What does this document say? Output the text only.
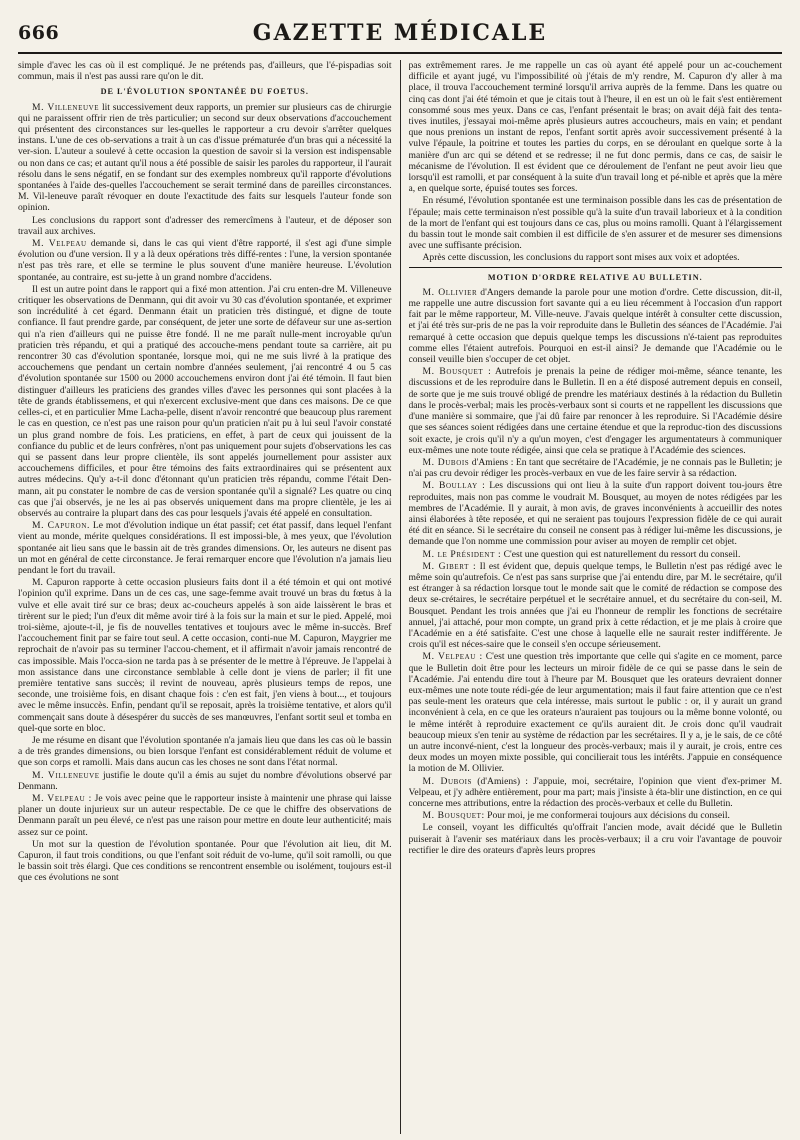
666	GAZETTE MÉDICALE

simple d'avec les cas où il est compliqué. Je ne prétends pas, d'ailleurs, que l'é-pispadias soit commun, mais il n'est pas aussi rare qu'on le dit.

DE L'ÉVOLUTION SPONTANÉE DU FOETUS.

M. Villeneuve lit successivement deux rapports, un premier sur plusieurs cas de chirurgie qui ne paraissent offrir rien de très particulier; un second sur deux observations d'accouchement qui présentent des circonstances sur les-quelles le rapporteur a cru devoir s'arrêter quelques instans. L'une de ces ob-servations a trait à un cas d'issue prématurée d'un bras qui a nécessité la ver-sion. L'auteur a soulevé à cette occasion la question de savoir si la version est indispensable ou non dans ce cas; et autant qu'il nous a été possible de saisir les paroles du rapporteur, il l'aurait résolu dans le sens négatif, en se fondant sur des exemples nombreux qu'il rapporte d'évolutions spontanées à l'aide des-quelles l'accouchement se serait terminé dans de pareilles circonstances. M. Vil-leneuve paraît révoquer en doute l'exactitude des faits sur lesquels l'auteur fonde son opinion.

Les conclusions du rapport sont d'adresser des remercîmens à l'auteur, et de déposer son travail aux archives.

M. Velpeau demande si, dans le cas qui vient d'être rapporté, il s'est agi d'une simple évolution ou d'une version. Il y a là deux opérations très diffé-rentes : l'une, la version spontanée n'est pas très rare, et elle se termine le plus souvent d'une manière heureuse. L'évolution spontanée, au contraire, est su-jette à un grand nombre d'accidens.

Il est un autre point dans le rapport qui a fixé mon attention. J'ai cru enten-dre M. Villeneuve critiquer les observations de Denmann, qui dit avoir vu 30 cas d'évolution spontanée, et exprimer son incrédulité à cet égard. Denmann était un praticien très distingué, et digne de toute confiance. Il faut prendre garde, par conséquent, de jeter une sorte de défaveur sur une as-sertion qui n'a rien d'ailleurs qui ne puisse être fondé. Il ne me paraît nulle-ment incroyable qu'un praticien très répandu, et qui a pratiqué des accouche-mens pendant toute sa carrière, ait pu rencontrer 30 cas d'évolution spontanée, lorsque moi, qui ne me suis livré à la pratique des accouchemens que pendant un certain nombre d'années seulement, j'ai rencontré 4 ou 5 cas d'évolution spontanée sur 1500 ou 2000 accouchemens environ dont j'ai été témoin. Il faut bien distinguer d'ailleurs les praticiens des grandes villes d'avec les personnes qui sont placées à la tête de grands établissemens, et qui n'exercent exclusive-ment que dans ces maisons. De ce que celles-ci, et en particulier Mme Lacha-pelle, disent n'avoir rencontré que beaucoup plus rarement le cas en question, ce n'est pas une raison pour qu'un praticien n'ait pu à lui seul l'avoir constaté un plus grand nombre de fois. Les praticiens, en effet, à part de ceux qui jouissent de la confiance du public et de leurs confrères, n'ont pas uniquement pour sujets d'observations les cas qui se passent dans leur propre clientèle, ils sont appelés journellement pour assister aux accouchemens difficiles, et pour être témoins des faits extraordinaires qui se présentent aux autres médecins. Qu'y a-t-il donc d'étonnant qu'un praticien très répandu, comme l'était Den-mann, ait pu constater le nombre de cas de version spontanée qu'il a signalé? Les quatre ou cinq cas que j'ai observés, je ne les ai pas observés uniquement dans ma propre clientèle, je les ai observés au contraire la plupart dans des cas pour lesquels j'avais été appelé en consultation.

M. Capuron. Le mot d'évolution indique un état passif; cet état passif, dans lequel l'enfant vient au monde, mérite quelques considérations. Il est impossi-ble, à mes yeux, que l'évolution spontanée ait lieu sans que le bassin ait de très grandes dimensions. Or, les auteurs ne disent pas un mot en général de cette circonstance. Je ferai remarquer encore que l'évolution n'a jamais lieu pendant le fort du travail.

M. Capuron rapporte à cette occasion plusieurs faits dont il a été témoin et qui ont motivé l'opinion qu'il exprime. Dans un de ces cas, une sage-femme avait trouvé un bras du fœtus à la vulve et elle avait tiré sur ce bras; deux ac-coucheurs appelés à son aide laissèrent le bras et tirèrent sur le pied; l'un d'eux dit même avoir tiré à la fois sur la main et sur le pied. Appelé, moi troi-sième, ajoute-t-il, je fis de nouvelles tentatives et toujours avec le même in-succès. Bref l'accouchement finit par se faire tout seul. A cette occasion, conti-nue M. Capuron, Maygrier me reprochait de n'avoir pas su terminer l'accou-chement, et il affirmait n'avoir jamais rencontré de cas impossible. Mais l'occa-sion ne tarda pas à se présenter de le mettre à l'épreuve. Je l'appelai à mon assistance dans une circonstance semblable à celle dont je viens de parler; il fit une première tentative sans succès; il revint de nouveau, après plusieurs temps de repos, une seconde, une troisième fois, en disant chaque fois : c'en est fait, j'en viens à bout..., et toujours avec le même insuccès. Enfin, pendant qu'il se reposait, après la troisième tentative, et alors qu'il commençait sans doute à désespérer du succès de ses manœuvres, l'enfant sortit seul et tomba en quel-que sorte en bloc.

Je me résume en disant que l'évolution spontanée n'a jamais lieu que dans les cas où le bassin a de très grandes dimensions, ou bien lorsque l'enfant est considérablement réduit de volume et que son corps et ramolli. Mais dans aucun cas les choses ne sont dans l'état normal.

M. Villeneuve justifie le doute qu'il a émis au sujet du nombre d'évolutions observé par Denmann.

M. Velpeau : Je vois avec peine que le rapporteur insiste à maintenir une phrase qui laisse planer un doute injurieux sur un auteur respectable. De ce que le chiffre des observations de Denmann paraît un peu élevé, ce n'est pas une raison pour mettre en doute leur authenticité; mais assez sur ce point.

Un mot sur la question de l'évolution spontanée. Pour que l'évolution ait lieu, dit M. Capuron, il faut trois conditions, ou que l'enfant soit réduit de vo-lume, qu'il soit ramolli, ou que le bassin soit très élargi. Que ces conditions se rencontrent ensemble ou isolément, toujours est-il que ces évolutions ne sont

pas extrêmement rares. Je me rappelle un cas où ayant été appelé pour un ac-couchement difficile et ayant jugé, vu l'impossibilité où j'étais de m'y rendre, M. Capuron d'y aller à ma place, il trouva l'accouchement terminé lorsqu'il arriva auprès de la femme. Dans les quatre ou cinq cas dont j'ai été témoin et que je citais tout à l'heure, il en est un où le fait s'est entièrement consommé sous mes yeux. Dans ce cas, l'enfant présentait le bras; on avait déjà fait des tenta-tives inutiles, j'essayai moi-même après plusieurs autres accoucheurs, mais en vain; et pendant que nous prenions un instant de repos, l'enfant sortit après avoir successivement présenté à la vulve l'épaule, la poitrine et toutes les parties du corps, en se déroulant en quelque sorte à la manière d'un arc qui se détend et se redresse; il ne fut donc permis, dans ce cas, de saisir le mécanisme de l'évolution. Il est évident que ce déroulement de l'enfant ne peut avoir lieu que lorsqu'il est ramolli, et par conséquent à la suite d'un travail long et pé-nible et après que la mère a, en quelque sorte, épuisé toutes ses forces.

En résumé, l'évolution spontanée est une terminaison possible dans les cas de présentation de l'épaule; mais cette terminaison n'est possible qu'à la suite d'un travail laborieux et à la condition de la mort de l'enfant qui est toujours dans ce cas, plus ou moins ramolli. Quant à l'élargissement du bassin tout le monde sait combien il est difficile de s'en assurer et de mesurer ses dimensions avec une suffisante précision.

Après cette discussion, les conclusions du rapport sont mises aux voix et adoptées.

MOTION D'ORDRE RELATIVE AU BULLETIN.

M. Ollivier d'Angers demande la parole pour une motion d'ordre. Cette discussion, dit-il, me rappelle une autre discussion fort savante qui a eu lieu récemment à l'occasion d'un rapport fait par le même rapporteur, M. Ville-neuve. J'avais quelque intérêt à consulter cette discussion, et j'ai été très sur-pris de ne pas la voir reproduite dans le Bulletin des séances de l'Académie. J'ai remarqué à cette occasion que depuis quelque temps les discussions n'é-taient pas reproduites comme elles l'étaient autrefois. Pourquoi en est-il ainsi? Je demande que l'Académie ou le conseil veuille bien s'occuper de cet objet.

M. Bousquet : Autrefois je prenais la peine de rédiger moi-même, séance tenante, les discussions et de les reproduire dans le Bulletin. Il en a été disposé autrement depuis en conseil, de sorte que je me suis trouvé obligé de prendre les matériaux destinés à la rédaction du Bulletin dans le procès-verbal; mais les procès-verbaux sont si courts et ne rappellent les discussions que d'une manière si sommaire, que j'ai dû faire par renoncer à les reproduire. Si l'Académie désire que ses séances soient rédigées dans une certaine étendue et que la reproduc-tion des discussions soit exacte, je crois qu'il n'y a qu'un moyen, c'est d'engager les argumentateurs à communiquer eux-mêmes une note toute rédigée, ainsi que cela se pratique à l'Académie des sciences.

M. Dubois d'Amiens : En tant que secrétaire de l'Académie, je ne connais pas le Bulletin; je n'ai pas cru devoir rédiger les procès-verbaux en vue de les faire servir à sa rédaction.

M. Boullay : Les discussions qui ont lieu à la suite d'un rapport doivent tou-jours être reproduites, mais non pas comme le voudrait M. Bousquet, au moyen de notes rédigées par les membres de l'Académie. Il y aurait, à mon avis, de graves inconvénients à accueillir des notes ainsi élaborées à tête reposée, et qui ne seraient pas toujours l'expression fidèle de ce qui aurait été dit en séance. Si le secrétaire du conseil ne consent pas à rédiger lui-même les discussions, je demande que l'on nomme une commission pour aviser au moyen de remplir cet objet.

M. le Président : C'est une question qui est naturellement du ressort du conseil.

M. Gibert : Il est évident que, depuis quelque temps, le Bulletin n'est pas rédigé avec le même soin qu'autrefois. Ce n'est pas sans surprise que j'ai entendu dire, par M. le secrétaire, qu'il est étranger à sa rédaction lorsque tout le monde sait que le comité de rédaction se compose des deux se-crétaires, le secrétaire perpétuel et le secrétaire annuel, et du secrétaire du con-seil, M. Bousquet. Pendant les trois années que j'ai eu l'honneur de remplir les fonctions de secrétaire annuel, j'ai attaché, pour mon compte, un grand prix à cette rédaction, et je me plais à croire que l'Académie en a été satisfaite. C'est une chose à laquelle elle ne saurait rester indifférente. Je crois qu'il est néces-saire que le conseil s'en occupe sérieusement.

M. Velpeau : C'est une question très importante que celle qui s'agite en ce moment, parce que le Bulletin doit être pour les lecteurs un miroir fidèle de ce qui se passe dans le sein de l'Académie. J'ai entendu dire tout à l'heure par M. Bousquet que les orateurs devraient donner eux-mêmes une note toute rédi-gée de leur argumentation; mais il faut faire attention que ce n'est pas seule-ment les orateurs que cela intéresse, mais surtout le public : or, il y aurait un grand inconvénient à cela, en ce que les orateurs n'auraient pas toujours ou la même bonne volonté, ou le même intérêt à reproduire exactement ce qu'ils auraient dit. Je crois donc qu'il vaudrait beaucoup mieux s'en tenir au système de rédaction par les secrétaires. Il y a, je le sais, de ce côté un autre inconvé-nient, c'est la longueur des procès-verbaux; mais il y aurait, je crois, entre ces deux modes un moyen mixte possible, qui concilierait tous les intérêts. J'appuie en conséquence la motion de M. Ollivier.

M. Dubois (d'Amiens) : J'appuie, moi, secrétaire, l'opinion que vient d'ex-primer M. Velpeau, et j'y adhère entièrement, pour ma part; mais j'insiste à éta-blir une distinction, en ce qui concerne mes attributions, entre la rédaction des procès-verbaux et celle du Bulletin.

M. Bousquet: Pour moi, je me conformerai toujours aux décisions du conseil.

Le conseil, voyant les difficultés qu'offrait l'ancien mode, avait décidé que le Bulletin puiserait à l'avenir ses matériaux dans les procès-verbaux; il a cru voir l'avantage de pouvoir rectifier le dire des orateurs d'après leurs propres
